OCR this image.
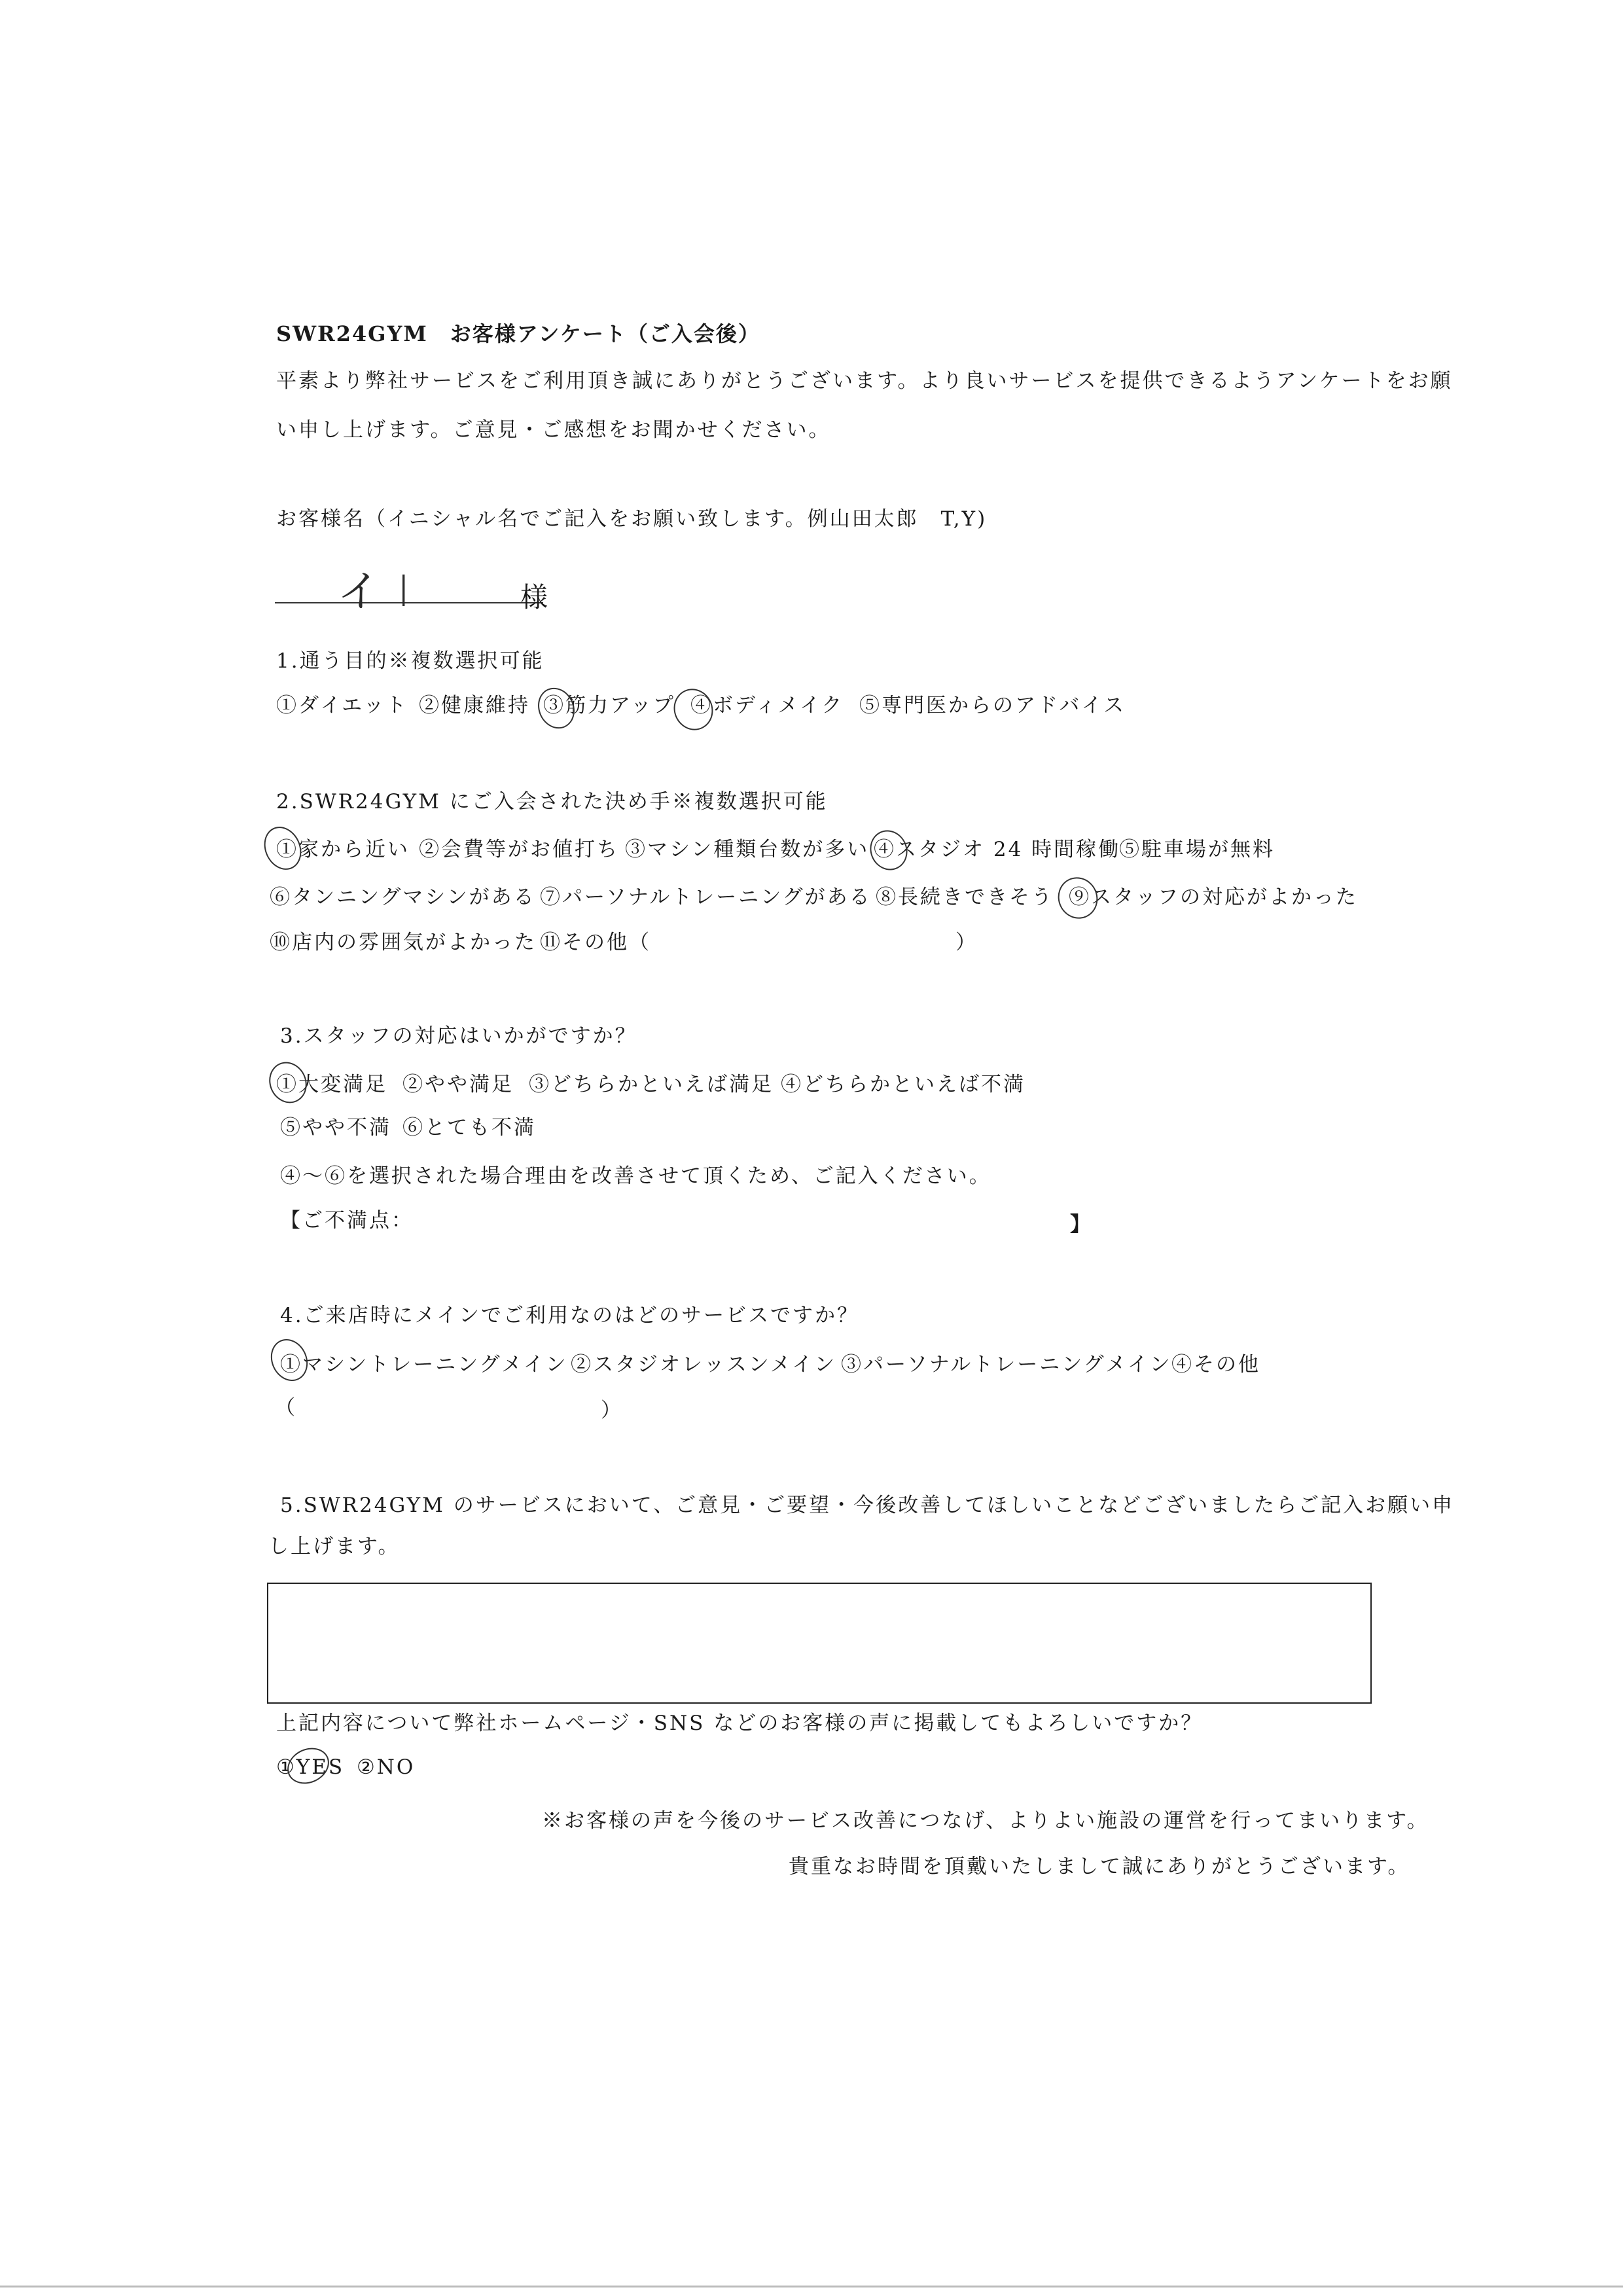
SWR24GYM　お客様アンケート（ご入会後）
平素より弊社サービスをご利用頂き誠にありがとうございます。より良いサービスを提供できるようアンケートをお願
い申し上げます。ご意見・ご感想をお聞かせください。
お客様名（イニシャル名でご記入をお願い致します。例山田太郎　T,Y)
イI	様
1.通う目的※複数選択可能
①ダイエット ②健康維持 ③筋力アップ ④ボディメイク ⑤専門医からのアドバイス
2.SWR24GYM にご入会された決め手※複数選択可能
①家から近い ②会費等がお値打ち ③マシン種類台数が多い ④スタジオ 24 時間稼働
⑤駐車場が無料
⑥タンニングマシンがある ⑦パーソナルトレーニングがある ⑧長続きできそう ⑨スタッフの対応がよかった
⑩店内の雰囲気がよかった ⑪その他（	）
3.スタッフの対応はいかがですか？
①大変満足 ②やや満足 ③どちらかといえば満足 ④どちらかといえば不満
⑤やや不満 ⑥とても不満
④～⑥を選択された場合理由を改善させて頂くため、ご記入ください。
【ご不満点：	】
4.ご来店時にメインでご利用なのはどのサービスですか？
①マシントレーニングメイン ②スタジオレッスンメイン ③パーソナルトレーニングメイン ④その他
（	）
5.SWR24GYM のサービスにおいて、ご意見・ご要望・今後改善してほしいことなどございましたらご記入お願い申
し上げます。
上記内容について弊社ホームページ・SNS などのお客様の声に掲載してもよろしいですか？
①YES ②NO
※お客様の声を今後のサービス改善につなげ、よりよい施設の運営を行ってまいります。
貴重なお時間を頂戴いたしまして誠にありがとうございます。
